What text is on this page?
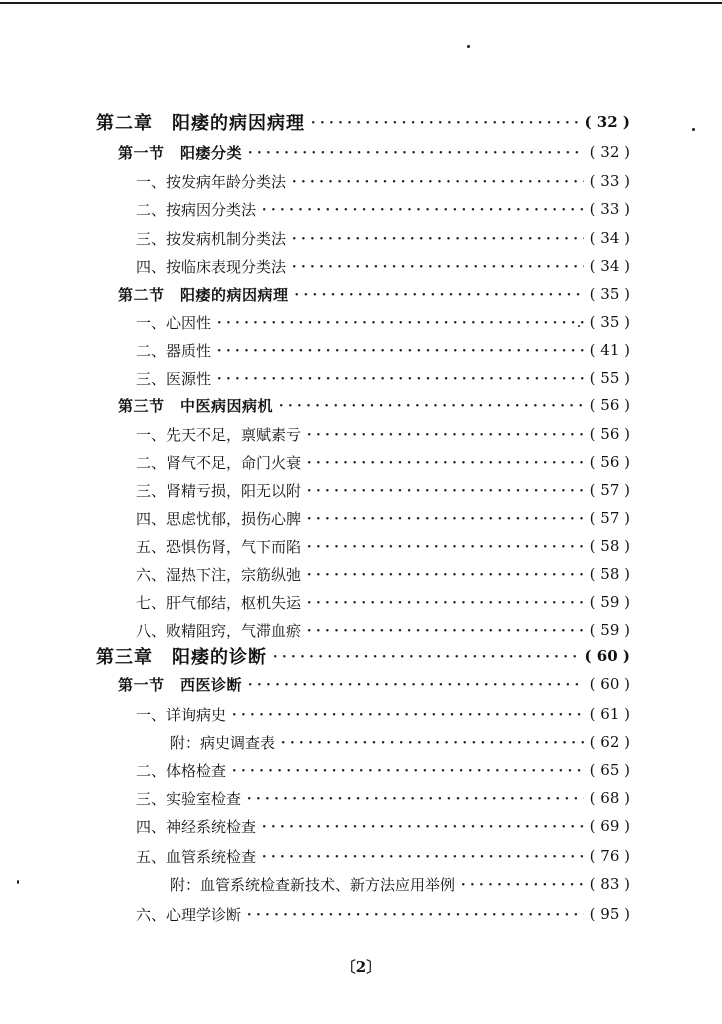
第二章　阳痿的病因病理 •••••	( 32 )
第一节　阳痿分类 •••••	( 32 )
一、按发病年龄分类法 •••••	( 33 )
二、按病因分类法 •••••	( 33 )
三、按发病机制分类法 •••••	( 34 )
四、按临床表现分类法 •••••	( 34 )
第二节　阳痿的病因病理 •••••	( 35 )
一、心因性 •••••	( 35 )
二、器质性 •••••	( 41 )
三、医源性 •••••	( 55 )
第三节　中医病因病机 •••••	( 56 )
一、先天不足，禀赋素亏 •••••	( 56 )
二、肾气不足，命门火衰 •••••	( 56 )
三、肾精亏损，阳无以附 •••••	( 57 )
四、思虑忧郁，损伤心脾 •••••	( 57 )
五、恐惧伤肾，气下而陷 •••••	( 58 )
六、湿热下注，宗筋纵弛 •••••	( 58 )
七、肝气郁结，枢机失运 •••••	( 59 )
八、败精阻窍，气滞血瘀 •••••	( 59 )
第三章　阳痿的诊断 •••••	( 60 )
第一节　西医诊断 •••••	( 60 )
一、详询病史 •••••	( 61 )
附：病史调查表 •••••	( 62 )
二、体格检查 •••••	( 65 )
三、实验室检查 •••••	( 68 )
四、神经系统检查 •••••	( 69 )
五、血管系统检查 •••••	( 76 )
附：血管系统检查新技术、新方法应用举例 •••••	( 83 )
六、心理学诊断 •••••	( 95 )
〔2〕
